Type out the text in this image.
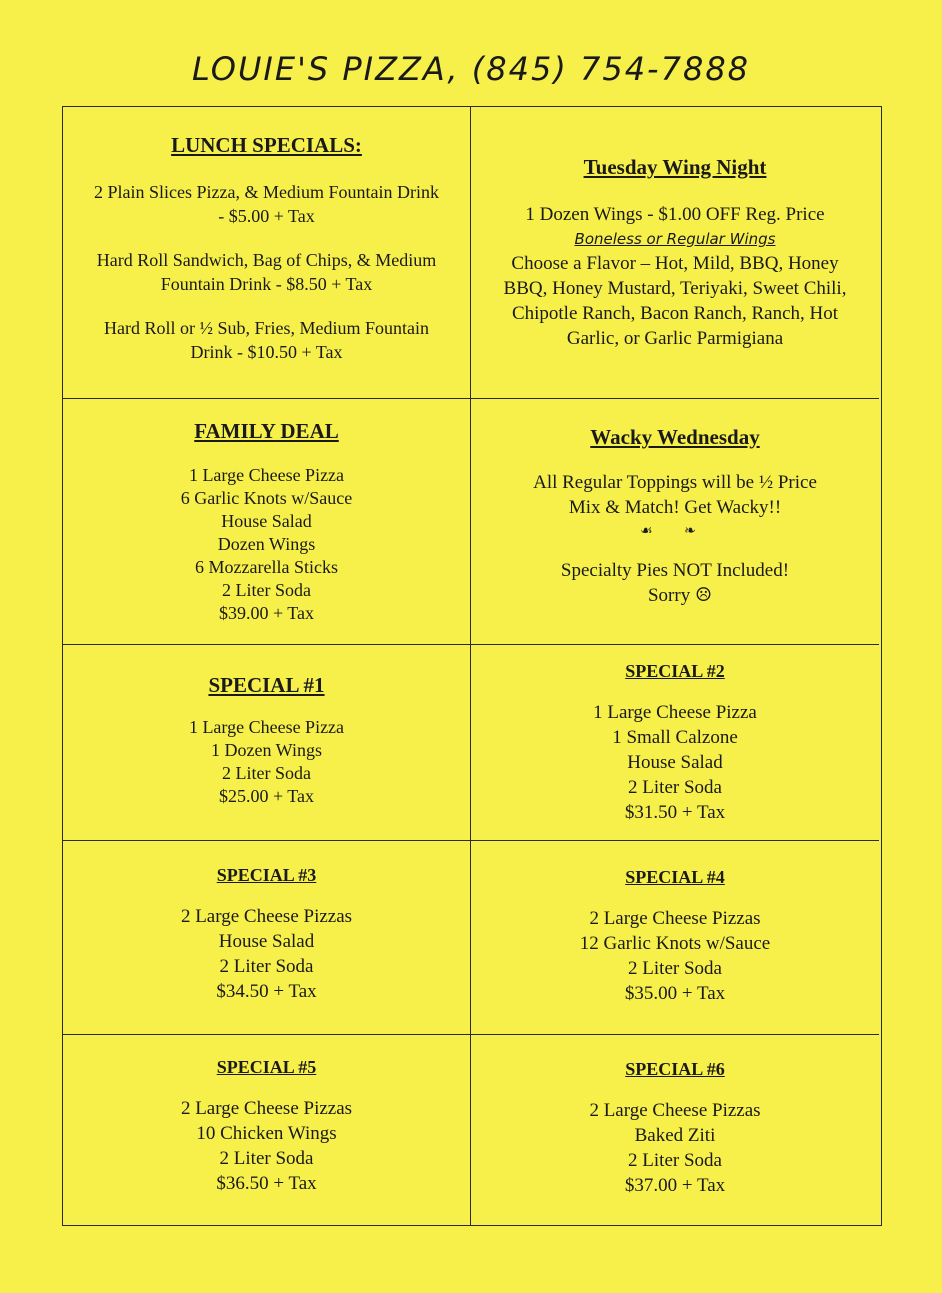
LOUIE'S PIZZA, (845) 754-7888
LUNCH SPECIALS:
2 Plain Slices Pizza, & Medium Fountain Drink
- $5.00 + Tax
Hard Roll Sandwich, Bag of Chips, & Medium
Fountain Drink - $8.50 + Tax
Hard Roll or ½ Sub, Fries, Medium Fountain
Drink - $10.50 + Tax
Tuesday Wing Night
1 Dozen Wings - $1.00 OFF Reg. Price
Boneless or Regular Wings
Choose a Flavor – Hot, Mild, BBQ, Honey
BBQ, Honey Mustard, Teriyaki, Sweet Chili,
Chipotle Ranch, Bacon Ranch, Ranch, Hot
Garlic, or Garlic Parmigiana
FAMILY DEAL
1 Large Cheese Pizza
6 Garlic Knots w/Sauce
House Salad
Dozen Wings
6 Mozzarella Sticks
2 Liter Soda
$39.00 + Tax
Wacky Wednesday
All Regular Toppings will be ½ Price
Mix & Match! Get Wacky!!
☙ ❧
Specialty Pies NOT Included!
Sorry ☹
SPECIAL #1
1 Large Cheese Pizza
1 Dozen Wings
2 Liter Soda
$25.00 + Tax
SPECIAL #2
1 Large Cheese Pizza
1 Small Calzone
House Salad
2 Liter Soda
$31.50 + Tax
SPECIAL #3
2 Large Cheese Pizzas
House Salad
2 Liter Soda
$34.50 + Tax
SPECIAL #4
2 Large Cheese Pizzas
12 Garlic Knots w/Sauce
2 Liter Soda
$35.00 + Tax
SPECIAL #5
2 Large Cheese Pizzas
10 Chicken Wings
2 Liter Soda
$36.50 + Tax
SPECIAL #6
2 Large Cheese Pizzas
Baked Ziti
2 Liter Soda
$37.00 + Tax
